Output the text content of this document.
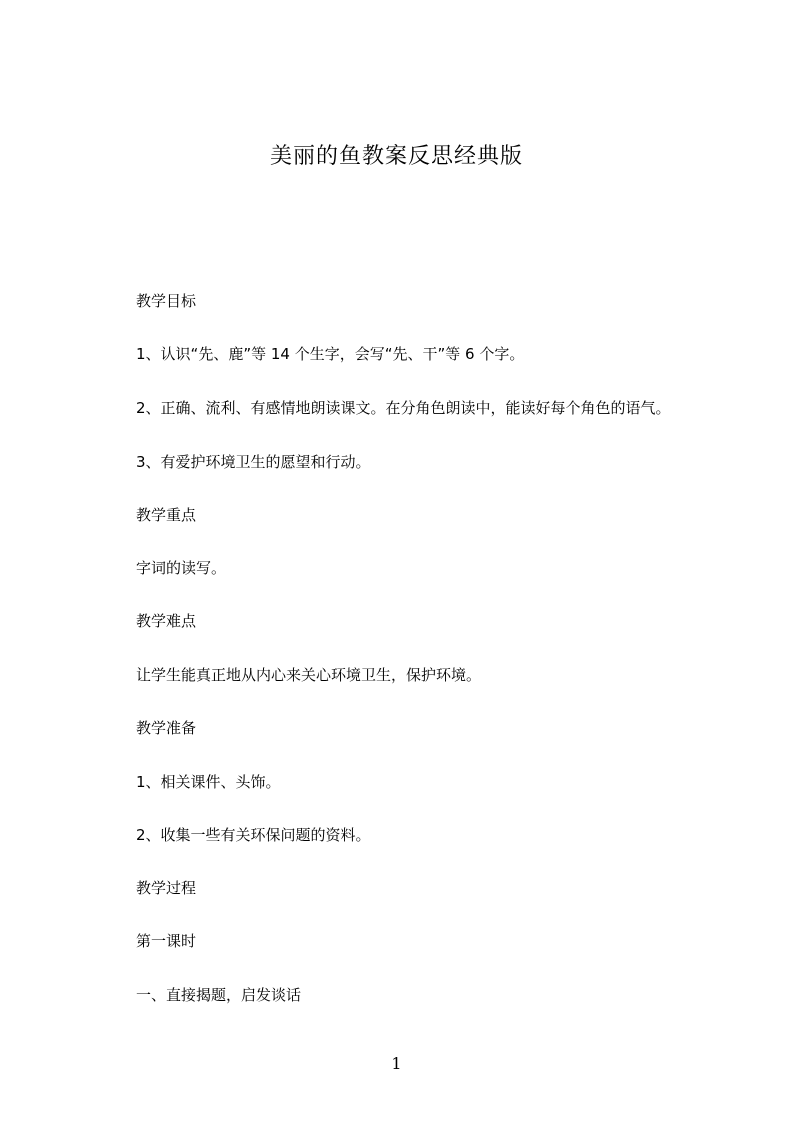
美丽的鱼教案反思经典版

教学目标

1、认识“先、鹿”等 14 个生字，会写“先、干”等 6 个字。

2、正确、流利、有感情地朗读课文。在分角色朗读中，能读好每个角色的语气。

3、有爱护环境卫生的愿望和行动。

教学重点

字词的读写。

教学难点

让学生能真正地从内心来关心环境卫生，保护环境。

教学准备

1、相关课件、头饰。

2、收集一些有关环保问题的资料。

教学过程

第一课时

一、直接揭题，启发谈话

1
